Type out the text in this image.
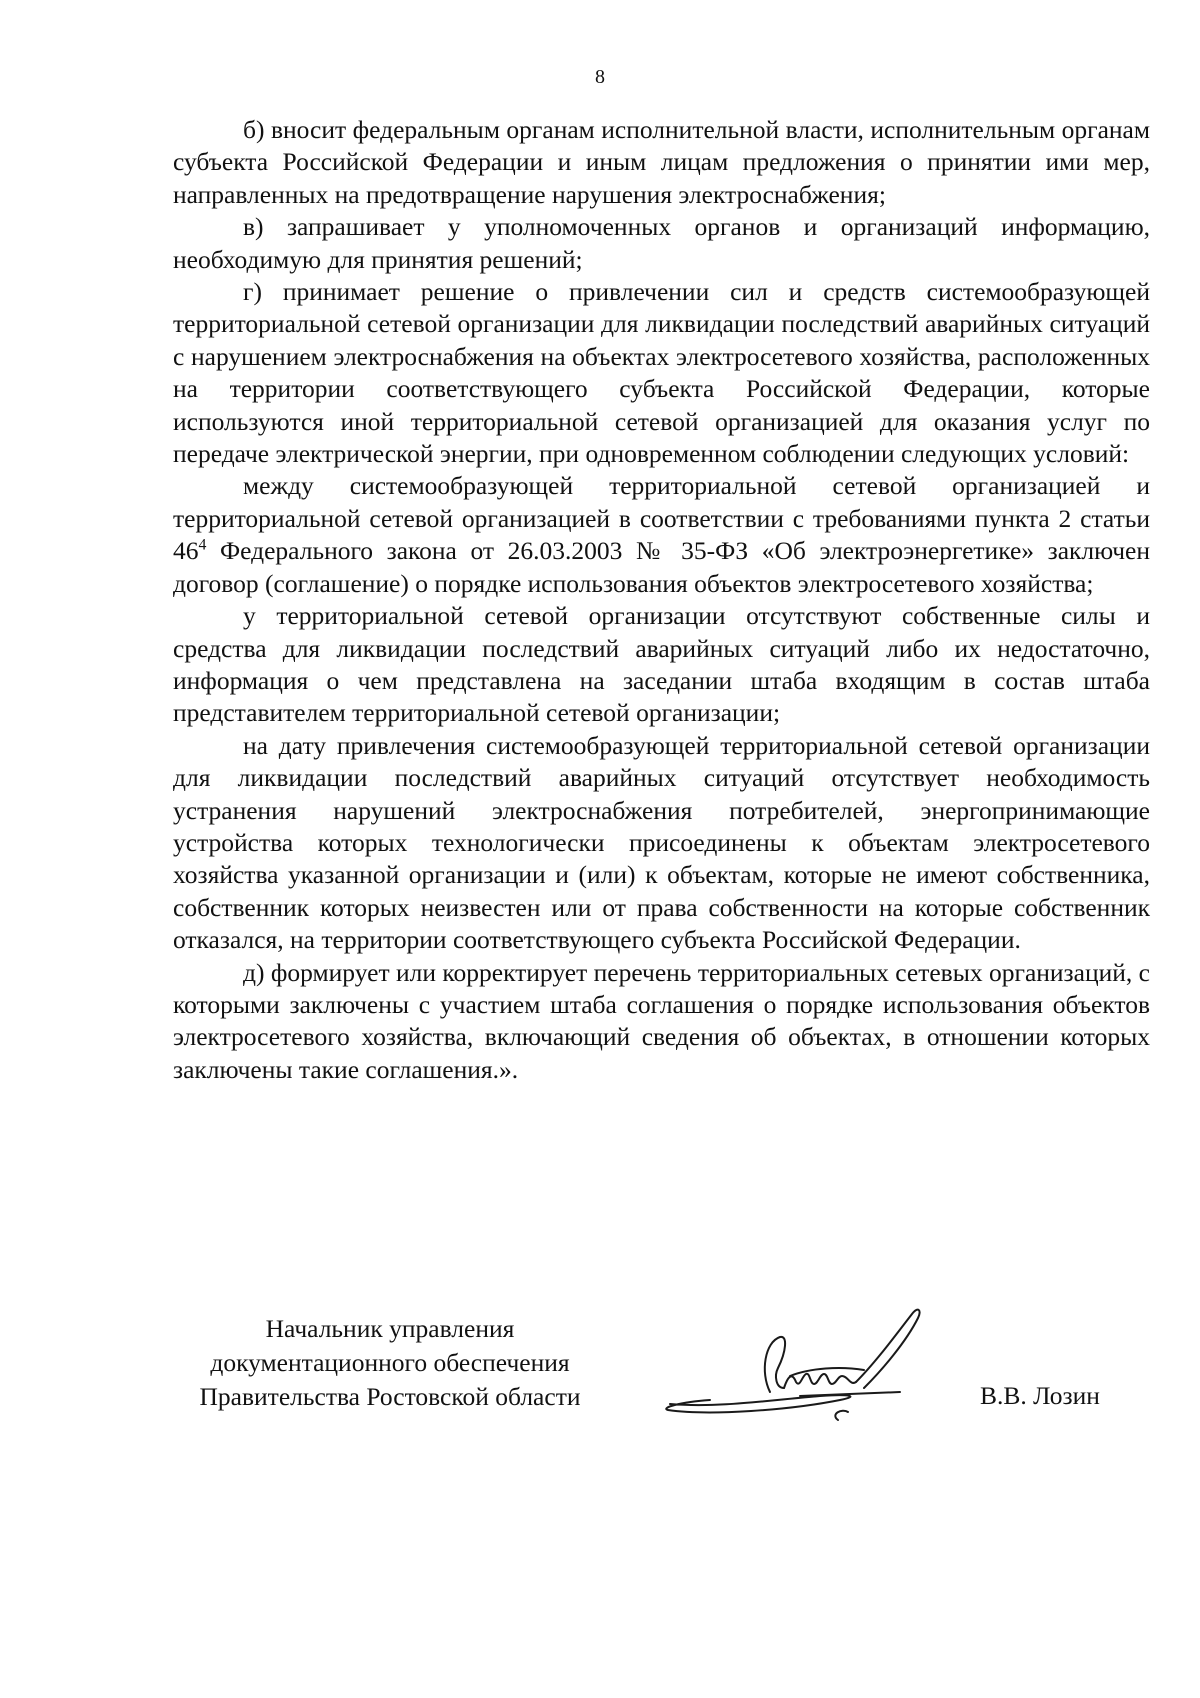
8

б) вносит федеральным органам исполнительной власти, исполнительным органам субъекта Российской Федерации и иным лицам предложения о принятии ими мер, направленных на предотвращение нарушения электроснабжения;

в) запрашивает у уполномоченных органов и организаций информацию, необходимую для принятия решений;

г) принимает решение о привлечении сил и средств системообразующей территориальной сетевой организации для ликвидации последствий аварийных ситуаций с нарушением электроснабжения на объектах электросетевого хозяйства, расположенных на территории соответствующего субъекта Российской Федерации, которые используются иной территориальной сетевой организацией для оказания услуг по передаче электрической энергии, при одновременном соблюдении следующих условий:

между системообразующей территориальной сетевой организацией и территориальной сетевой организацией в соответствии с требованиями пункта 2 статьи $46^4$ Федерального закона от 26.03.2003 № 35-ФЗ «Об электроэнергетике» заключен договор (соглашение) о порядке использования объектов электросетевого хозяйства;

у территориальной сетевой организации отсутствуют собственные силы и средства для ликвидации последствий аварийных ситуаций либо их недостаточно, информация о чем представлена на заседании штаба входящим в состав штаба представителем территориальной сетевой организации;

на дату привлечения системообразующей территориальной сетевой организации для ликвидации последствий аварийных ситуаций отсутствует необходимость устранения нарушений электроснабжения потребителей, энергопринимающие устройства которых технологически присоединены к объектам электросетевого хозяйства указанной организации и (или) к объектам, которые не имеют собственника, собственник которых неизвестен или от права собственности на которые собственник отказался, на территории соответствующего субъекта Российской Федерации.

д) формирует или корректирует перечень территориальных сетевых организаций, с которыми заключены с участием штаба соглашения о порядке использования объектов электросетевого хозяйства, включающий сведения об объектах, в отношении которых заключены такие соглашения.».

Начальник управления
документационного обеспечения
Правительства Ростовской области	В.В. Лозин
